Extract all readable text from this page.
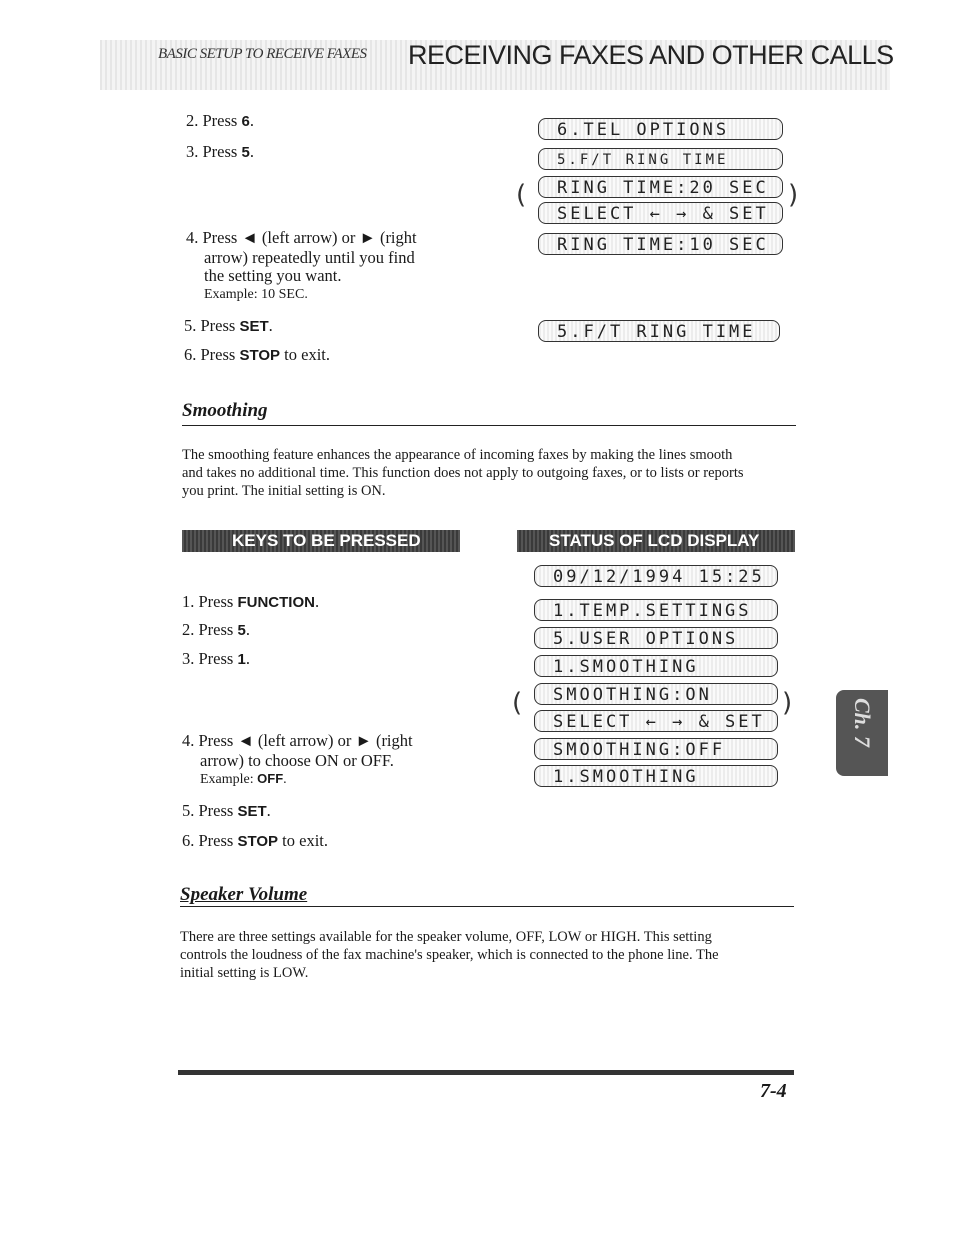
BASIC SETUP TO RECEIVE FAXES RECEIVING FAXES AND OTHER CALLS
2. Press 6.
3. Press 5.
4. Press ◄ (left arrow) or ► (right
arrow) repeatedly until you find
the setting you want.
Example: 10 SEC.
5. Press SET.
6. Press STOP to exit.
6.TEL OPTIONS
5.F/T RING TIME
RING TIME:20 SEC
SELECT ← → & SET
(	)
RING TIME:10 SEC
5.F/T RING TIME
Smoothing
The smoothing feature enhances the appearance of incoming faxes by making the lines smooth
and takes no additional time. This function does not apply to outgoing faxes, or to lists or reports
you print. The initial setting is ON.
KEYS TO BE PRESSED	STATUS OF LCD DISPLAY
1. Press FUNCTION.
2. Press 5.
3. Press 1.
4. Press ◄ (left arrow) or ► (right
arrow) to choose ON or OFF.
Example: OFF.
5. Press SET.
6. Press STOP to exit.
09/12/1994 15:25
1.TEMP.SETTINGS
5.USER OPTIONS
1.SMOOTHING
SMOOTHING:ON
SELECT ← → & SET
(	)
SMOOTHING:OFF
1.SMOOTHING
Speaker Volume
There are three settings available for the speaker volume, OFF, LOW or HIGH. This setting
controls the loudness of the fax machine's speaker, which is connected to the phone line. The
initial setting is LOW.
Ch. 7
7-4
